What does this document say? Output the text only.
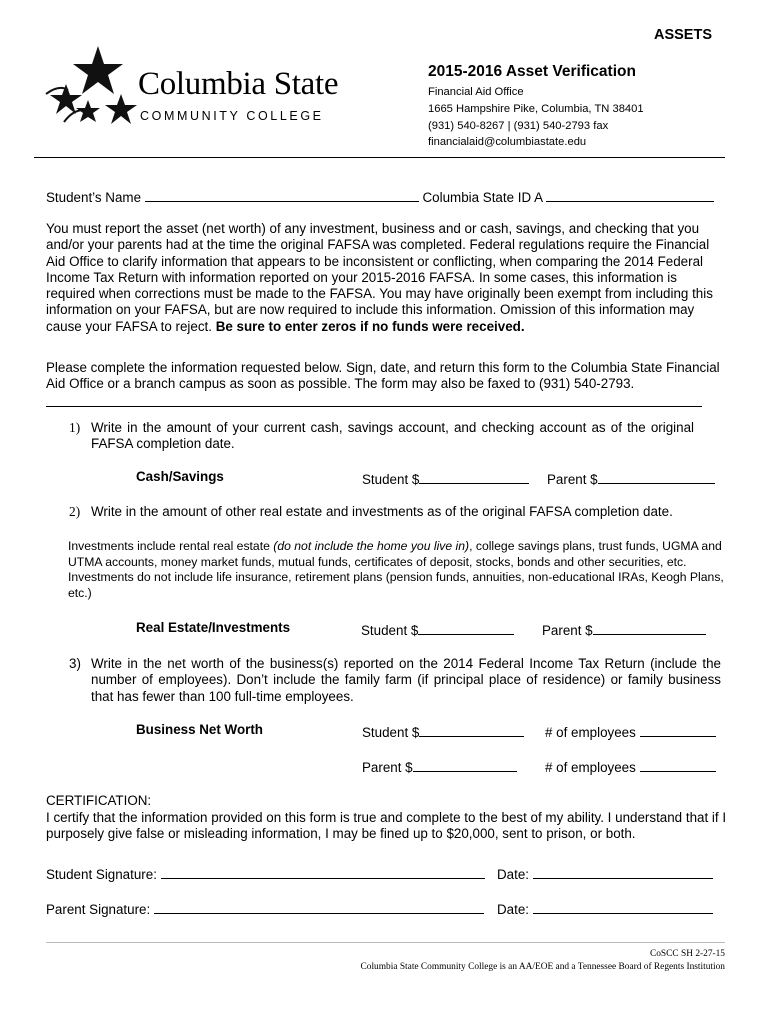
ASSETS
Columbia State
COMMUNITY COLLEGE
2015-2016 Asset Verification
Financial Aid Office
1665 Hampshire Pike, Columbia, TN 38401
(931) 540-8267 | (931) 540-2793 fax
financialaid@columbiastate.edu
Student’s Name	Columbia State ID A
You must report the asset (net worth) of any investment, business and or cash, savings, and checking that you and/or your parents had at the time the original FAFSA was completed. Federal regulations require the Financial Aid Office to clarify information that appears to be inconsistent or conflicting, when comparing the 2014 Federal Income Tax Return with information reported on your 2015-2016 FAFSA. In some cases, this information is required when corrections must be made to the FAFSA. You may have originally been exempt from including this information on your FAFSA, but are now required to include this information. Omission of this information may cause your FAFSA to reject. Be sure to enter zeros if no funds were received.
Please complete the information requested below. Sign, date, and return this form to the Columbia State Financial Aid Office or a branch campus as soon as possible. The form may also be faxed to (931) 540-2793.
1) Write in the amount of your current cash, savings account, and checking account as of the original FAFSA completion date.
Cash/Savings	Student $	Parent $
2) Write in the amount of other real estate and investments as of the original FAFSA completion date.
Investments include rental real estate (do not include the home you live in), college savings plans, trust funds, UGMA and UTMA accounts, money market funds, mutual funds, certificates of deposit, stocks, bonds and other securities, etc. Investments do not include life insurance, retirement plans (pension funds, annuities, non-educational IRAs, Keogh Plans, etc.)
Real Estate/Investments	Student $	Parent $
3) Write in the net worth of the business(s) reported on the 2014 Federal Income Tax Return (include the number of employees). Don’t include the family farm (if principal place of residence) or family business that has fewer than 100 full-time employees.
Business Net Worth	Student $	# of employees
Parent $	# of employees
CERTIFICATION:
I certify that the information provided on this form is true and complete to the best of my ability. I understand that if I purposely give false or misleading information, I may be fined up to $20,000, sent to prison, or both.
Student Signature:	Date:
Parent Signature:	Date:
CoSCC SH 2-27-15
Columbia State Community College is an AA/EOE and a Tennessee Board of Regents Institution
